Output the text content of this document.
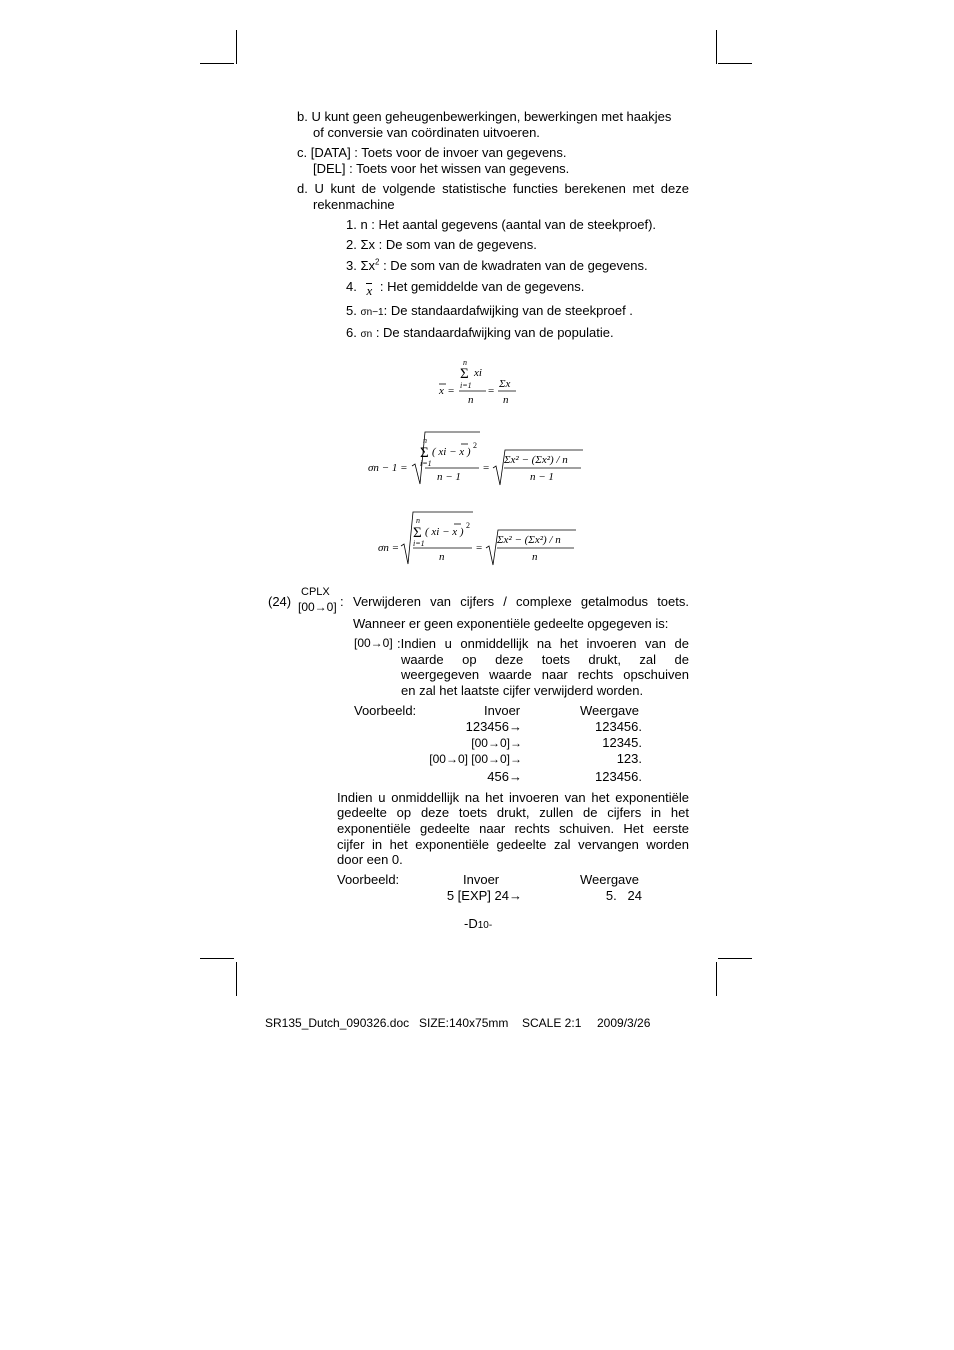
b. U kunt geen geheugenbewerkingen, bewerkingen met haakjes
of conversie van coördinaten uitvoeren.
c. [DATA] : Toets voor de invoer van gegevens.
[DEL] : Toets voor het wissen van gegevens.
d. U kunt de volgende statistische functies berekenen met deze
rekenmachine
1. n : Het aantal gegevens (aantal van de steekproef).
2. Σx : De som van de gegevens.
3. $\Sigma x^2$ : De som van de kwadraten van de gegevens.
4. x : Het gemiddelde van de gegevens.
5. σn−1: De standaardafwijking van de steekproef .
6. σn : De standaardafwijking van de populatie.
n
Σ xi
i=1
x =
n
=
Σx
n
σn − 1 =
n
Σ
i=1
( xi − x )
2
n − 1
=
Σx² − (Σx²) / n
n − 1
σn =
n
Σ
i=1
( xi − x )
2
n
=
Σx² − (Σx²) / n
n
(24)
CPLX
[00→0] : Verwijderen van cijfers / complexe getalmodus toets.
Wanneer er geen exponentiële gedeelte opgegeven is:
[00→0] :Indien u onmiddellijk na het invoeren van de
waarde op deze toets drukt, zal de
weergegeven waarde naar rechts opschuiven
en zal het laatste cijfer verwijderd worden.
Voorbeeld:	Invoer	Weergave
123456→	123456.
[00→0]→	12345.
[00→0] [00→0]→	123.
456→	123456.
Indien u onmiddellijk na het invoeren van het exponentiële
gedeelte op deze toets drukt, zullen de cijfers in het
exponentiële gedeelte naar rechts schuiven. Het eerste
cijfer in het exponentiële gedeelte zal vervangen worden
door een 0.
Voorbeeld:	Invoer	Weergave
5 [EXP] 24→	5.   24
-D10-
SR135_Dutch_090326.doc SIZE:140x75mm SCALE 2:1 2009/3/26
